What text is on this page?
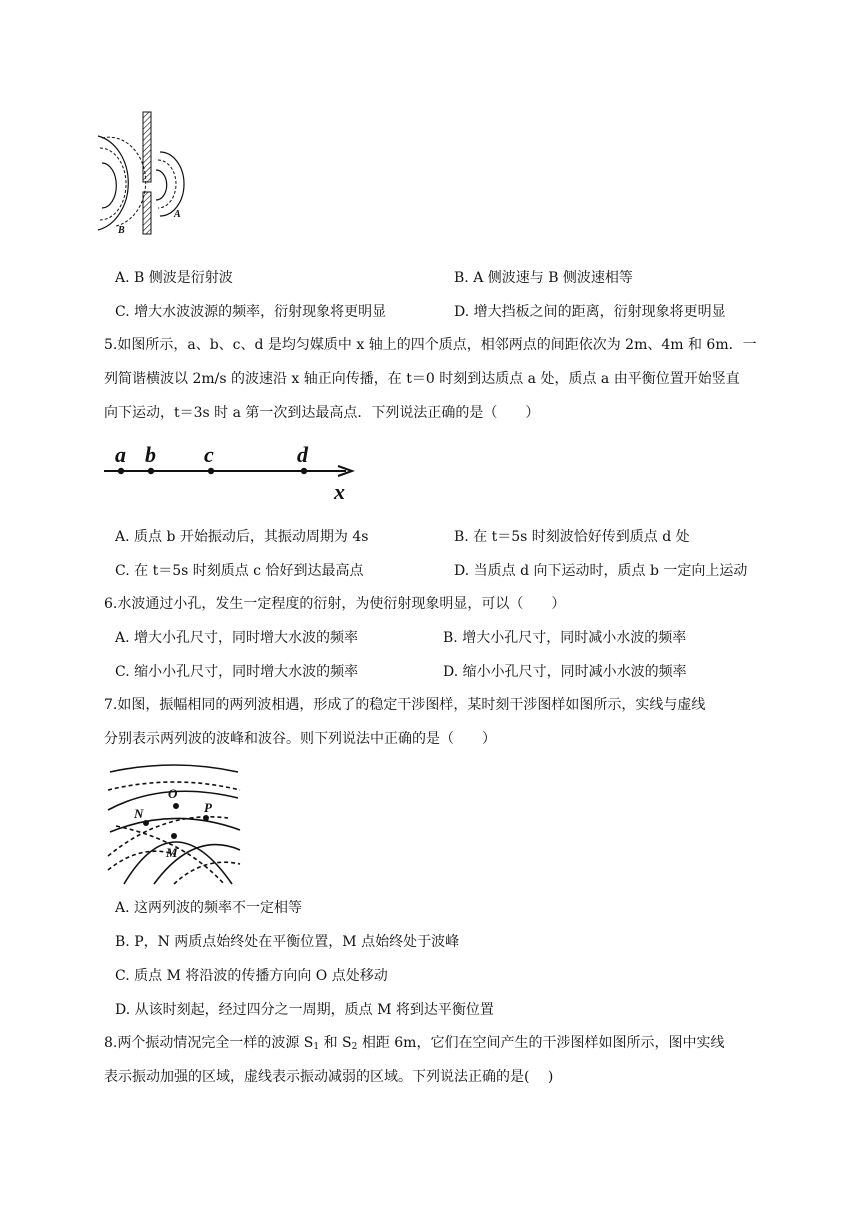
A
B
A. B 侧波是衍射波	B. A 侧波速与 B 侧波速相等
C. 增大水波波源的频率，衍射现象将更明显	D. 增大挡板之间的距离，衍射现象将更明显
5.如图所示，a、b、c、d 是均匀媒质中 x 轴上的四个质点，相邻两点的间距依次为 2m、4m 和 6m．一
列简谐横波以 2m/s 的波速沿 x 轴正向传播，在 t＝0 时刻到达质点 a 处，质点 a 由平衡位置开始竖直
向下运动，t＝3s 时 a 第一次到达最高点．下列说法正确的是（　　）
a b c	d
x
A. 质点 b 开始振动后，其振动周期为 4s	B. 在 t＝5s 时刻波恰好传到质点 d 处
C. 在 t＝5s 时刻质点 c 恰好到达最高点	D. 当质点 d 向下运动时，质点 b 一定向上运动
6.水波通过小孔，发生一定程度的衍射，为使衍射现象明显，可以（　　）
A. 增大小孔尺寸，同时增大水波的频率	B. 增大小孔尺寸，同时减小水波的频率
C. 缩小小孔尺寸，同时增大水波的频率	D. 缩小小孔尺寸，同时减小水波的频率
7.如图，振幅相同的两列波相遇，形成了的稳定干涉图样，某时刻干涉图样如图所示，实线与虚线
分别表示两列波的波峰和波谷。则下列说法中正确的是（　　）
O
N	P
M
A. 这两列波的频率不一定相等
B. P，N 两质点始终处在平衡位置，M 点始终处于波峰
C. 质点 M 将沿波的传播方向向 O 点处移动
D. 从该时刻起，经过四分之一周期，质点 M 将到达平衡位置
8.两个振动情况完全一样的波源 $S_1$ 和 $S_2$ 相距 6m，它们在空间产生的干涉图样如图所示，图中实线
表示振动加强的区域，虚线表示振动减弱的区域。下列说法正确的是(　 )
